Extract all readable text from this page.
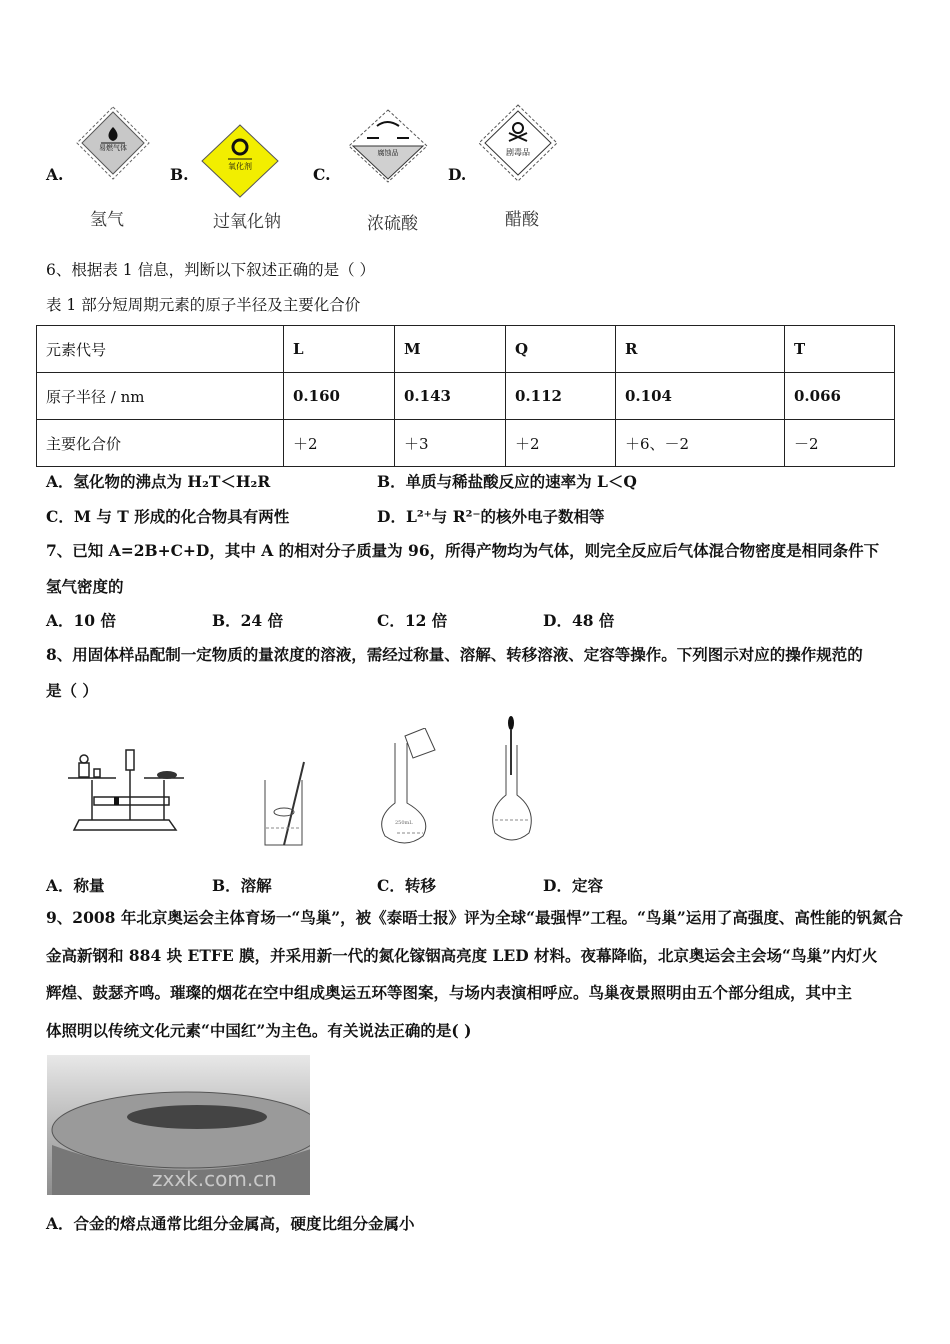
A.	B.	C.	D.
易燃气体
氧化剂
腐蚀品	剧毒品
氢气	过氧化钠	浓硫酸	醋酸
6、根据表 1 信息，判断以下叙述正确的是（ ）
表 1 部分短周期元素的原子半径及主要化合价
元素代号	L	M	Q	R	T
原子半径 / nm	0.160	0.143	0.112	0.104	0.066
主要化合价	＋2	＋3	＋2	＋6、－2	－2
A．氢化物的沸点为 H₂T＜H₂R	B．单质与稀盐酸反应的速率为 L＜Q
C．M 与 T 形成的化合物具有两性	D．L²⁺与 R²⁻的核外电子数相等
7、已知 A=2B+C+D，其中 A 的相对分子质量为 96，所得产物均为气体，则完全反应后气体混合物密度是相同条件下
氢气密度的
A．10 倍	B．24 倍	C．12 倍	D．48 倍
8、用固体样品配制一定物质的量浓度的溶液，需经过称量、溶解、转移溶液、定容等操作。下列图示对应的操作规范的
是（ ）
250mL
A．称量	B．溶解	C．转移	D．定容
9、2008 年北京奥运会主体育场一“鸟巢”，被《泰晤士报》评为全球“最强悍”工程。“鸟巢”运用了高强度、高性能的钒氮合
金高新钢和 884 块 ETFE 膜，并采用新一代的氮化镓铟高亮度 LED 材料。夜幕降临，北京奥运会主会场“鸟巢”内灯火
辉煌、鼓瑟齐鸣。璀璨的烟花在空中组成奥运五环等图案，与场内表演相呼应。鸟巢夜景照明由五个部分组成，其中主
体照明以传统文化元素“中国红”为主色。有关说法正确的是( )
zxxk.com.cn
A．合金的熔点通常比组分金属高，硬度比组分金属小
